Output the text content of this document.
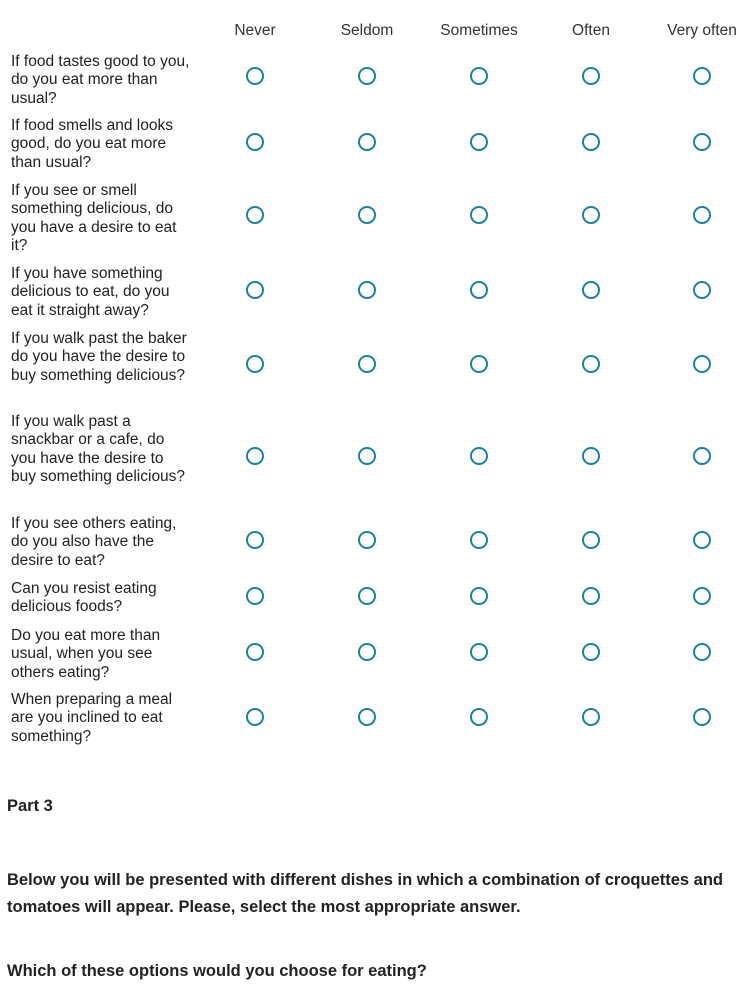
Never	Seldom	Sometimes	Often	Very often
If food tastes good to you, do you eat more than usual?
If food smells and looks good, do you eat more than usual?
If you see or smell something delicious, do you have a desire to eat it?
If you have something delicious to eat, do you eat it straight away?
If you walk past the baker do you have the desire to buy something delicious?
If you walk past a snackbar or a cafe, do you have the desire to buy something delicious?
If you see others eating, do you also have the desire to eat?
Can you resist eating delicious foods?
Do you eat more than usual, when you see others eating?
When preparing a meal are you inclined to eat something?
Part 3
Below you will be presented with different dishes in which a combination of croquettes and tomatoes will appear. Please, select the most appropriate answer.
Which of these options would you choose for eating?
